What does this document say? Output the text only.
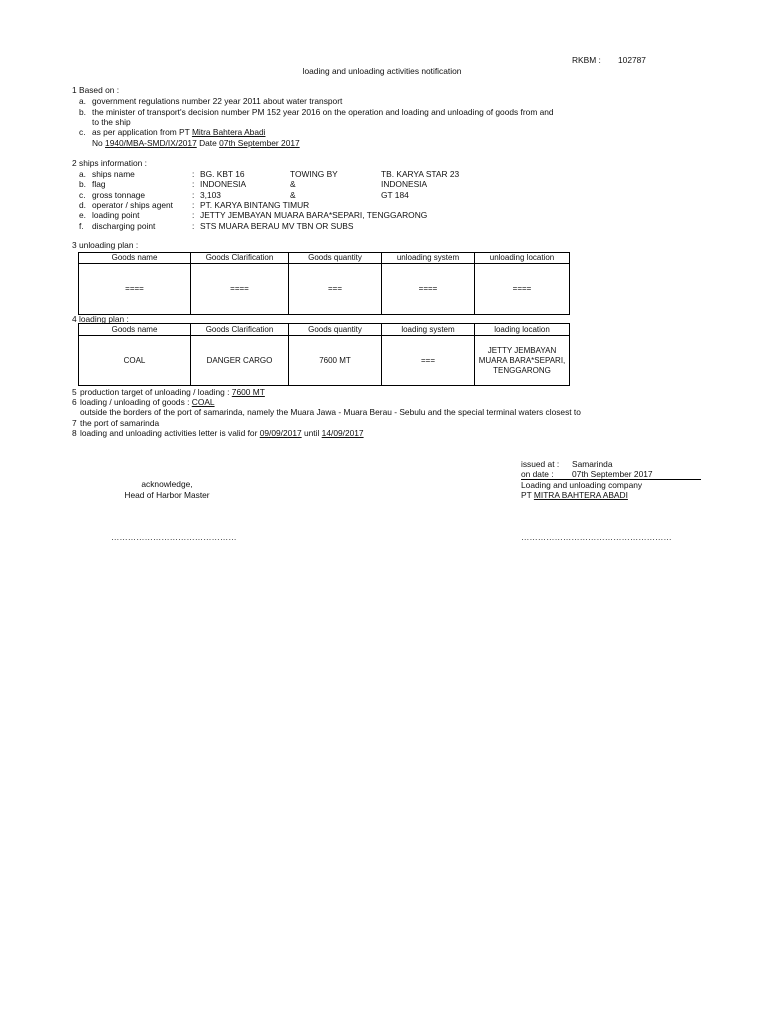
RKBM : 102787
loading and unloading activities notification
1 Based on :
a. government regulations number 22 year 2011 about water transport
b. the minister of transport's decision number PM 152 year 2016 on the operation and loading and unloading of goods from and
to the ship
c. as per application from PT Mitra Bahtera Abadi
No 1940/MBA-SMD/IX/2017 Date 07th September 2017
2 ships information :
a. ships name	: BG. KBT 16	TOWING BY	TB. KARYA STAR 23
b. flag	: INDONESIA	&	INDONESIA
c. gross tonnage	: 3,103	&	GT 184
d. operator / ships agent : PT. KARYA BINTANG TIMUR
e. loading point	: JETTY JEMBAYAN MUARA BARA*SEPARI, TENGGARONG
f. discharging point	: STS MUARA BERAU MV TBN OR SUBS
3 unloading plan :
Goods name	Goods Clarification	Goods quantity	unloading system	unloading location
====	====	===	====	====
4 loading plan :
Goods name	Goods Clarification	Goods quantity	loading system	loading location
COAL	DANGER CARGO	7600 MT	===	JETTY JEMBAYAN
MUARA BARA*SEPARI,
TENGGARONG
5 production target of unloading / loading : 7600 MT
6 loading / unloading of goods : COAL
outside the borders of the port of samarinda, namely the Muara Jawa - Muara Berau - Sebulu and the special terminal waters closest to
7 the port of samarinda
8 loading and unloading activities letter is valid for 09/09/2017 until 14/09/2017
issued at : Samarinda
on date : 07th September 2017
Loading and unloading company
PT MITRA BAHTERA ABADI
………………………………………………
acknowledge,
Head of Harbor Master
………………………………………
